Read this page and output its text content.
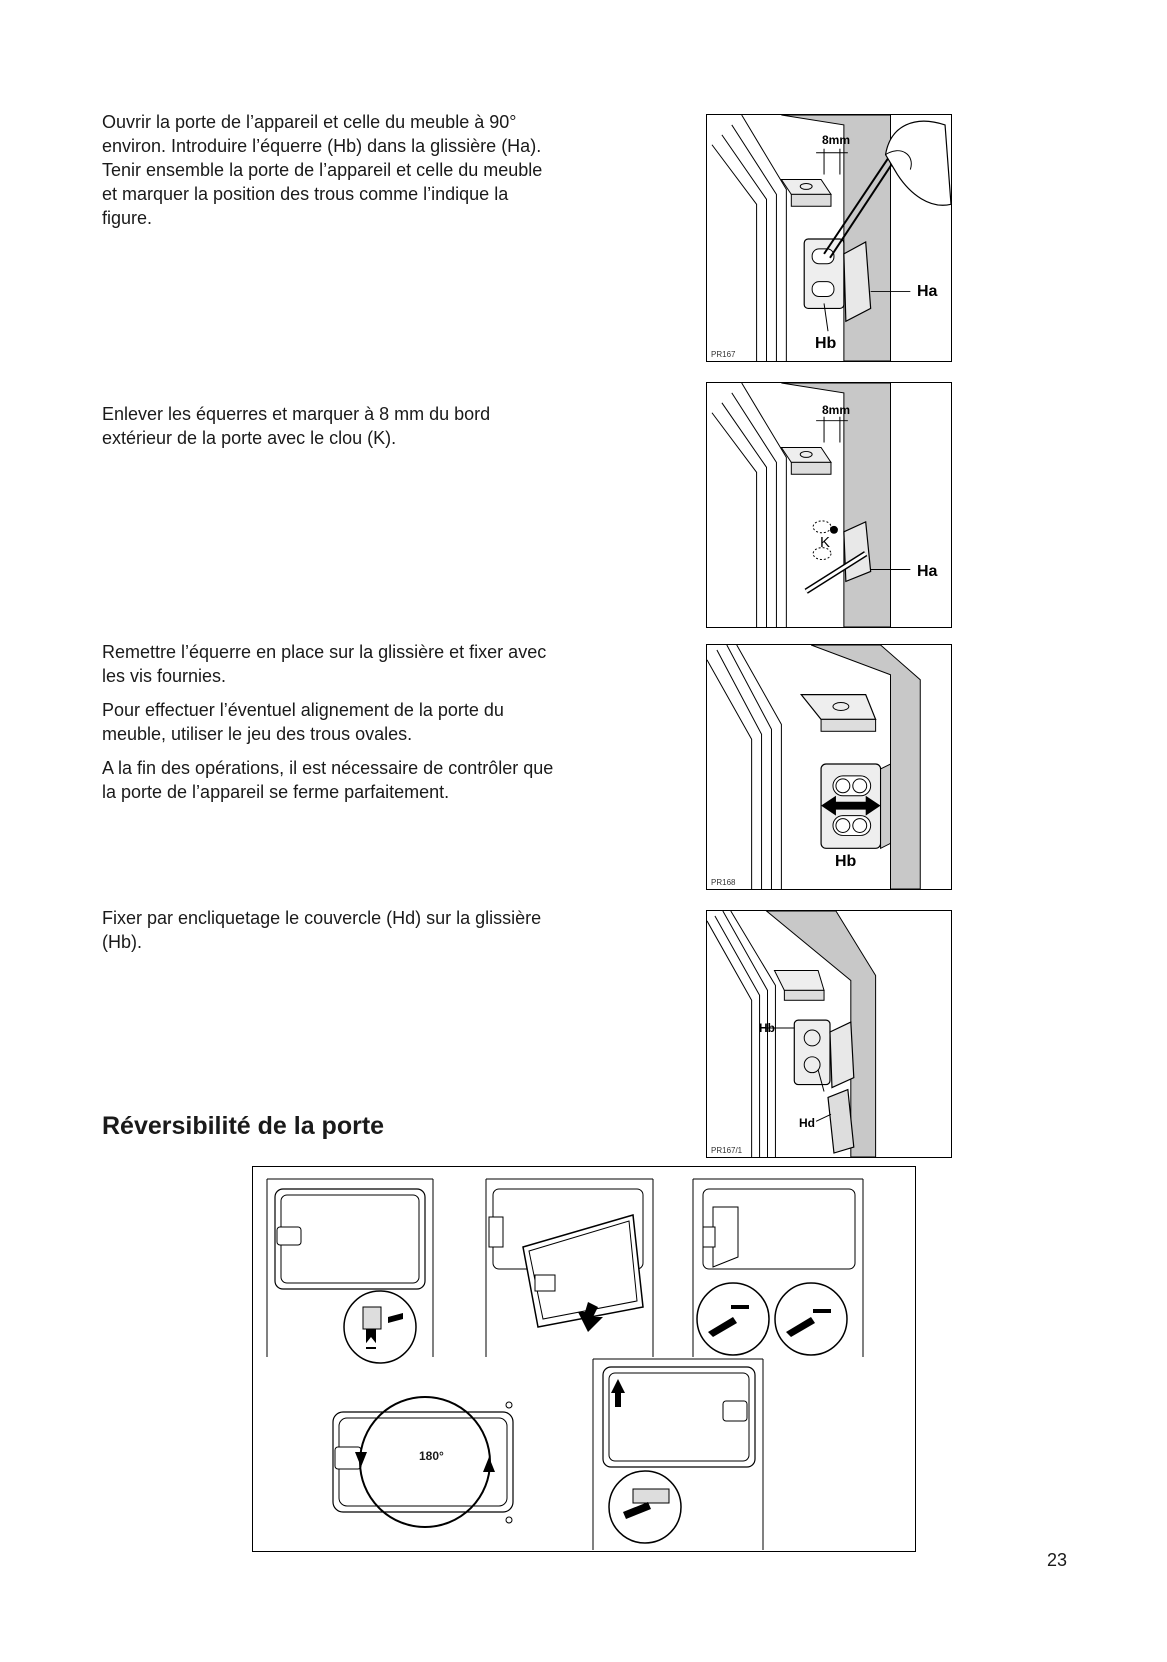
Ouvrir la porte de l’appareil et celle du meuble à 90° environ. Introduire l’équerre (Hb) dans la glissière (Ha). Tenir ensemble la porte de l’appareil et celle du meuble et marquer la position des trous comme l’indique la figure.

8mm
Ha
Hb
PR167

Enlever les équerres et marquer à 8 mm du bord extérieur de la porte avec le clou (K).

8mm
K
Ha

Remettre l’équerre en place sur la glissière et fixer avec les vis fournies.

Pour effectuer l’éventuel alignement de la porte du meuble, utiliser le jeu des trous ovales.

A la fin des opérations, il est nécessaire de contrôler que la porte de l’appareil se ferme parfaitement.

Hb
PR168

Fixer par encliquetage le couvercle (Hd) sur la glissière (Hb).

Hb
Hd
PR167/1
Réversibilité de la porte
180°
23
